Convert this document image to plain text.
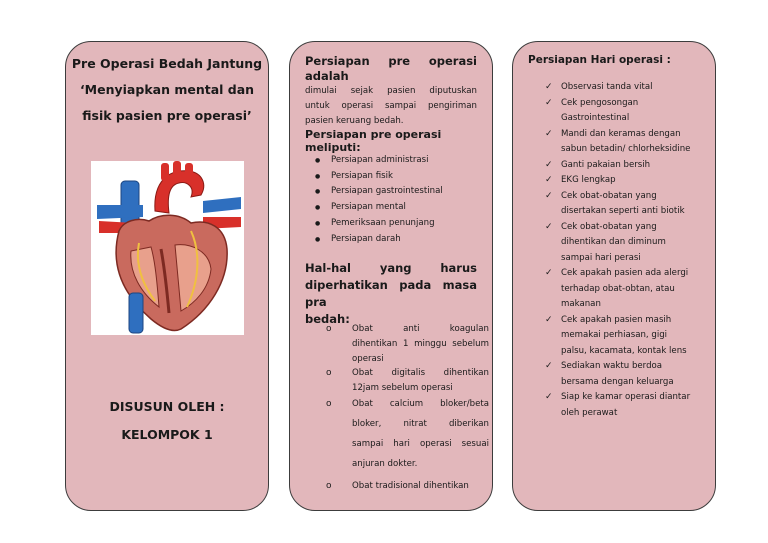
Pre Operasi Bedah Jantung
‘Menyiapkan mental dan
fisik pasien pre operasi’
DISUSUN OLEH :
KELOMPOK 1
Persiapan pre operasi adalah
dimulai sejak pasien diputuskan
untuk operasi sampai pengiriman
pasien keruang bedah.
Persiapan pre operasi meliputi:
● Persiapan administrasi
● Persiapan fisik
● Persiapan gastrointestinal
● Persiapan mental
● Pemeriksaan penunjang
● Persiapan darah
Hal-hal yang harus
diperhatikan pada masa pra
bedah:
o Obat anti koagulan
dihentikan 1 minggu sebelum
operasi
o Obat digitalis dihentikan
12jam sebelum operasi
o Obat calcium bloker/beta
bloker, nitrat diberikan
sampai hari operasi sesuai
anjuran dokter.
o Obat tradisional dihentikan
Persiapan Hari operasi :
✓ Observasi tanda vital
✓ Cek pengosongan
Gastrointestinal
✓ Mandi dan keramas dengan
sabun betadin/ chlorheksidine
✓ Ganti pakaian bersih
✓ EKG lengkap
✓ Cek obat-obatan yang
disertakan seperti anti biotik
✓ Cek obat-obatan yang
dihentikan dan diminum
sampai hari perasi
✓ Cek apakah pasien ada alergi
terhadap obat-obtan, atau
makanan
✓ Cek apakah pasien masih
memakai perhiasan, gigi
palsu, kacamata, kontak lens
✓ Sediakan waktu berdoa
bersama dengan keluarga
✓ Siap ke kamar operasi diantar
oleh perawat
